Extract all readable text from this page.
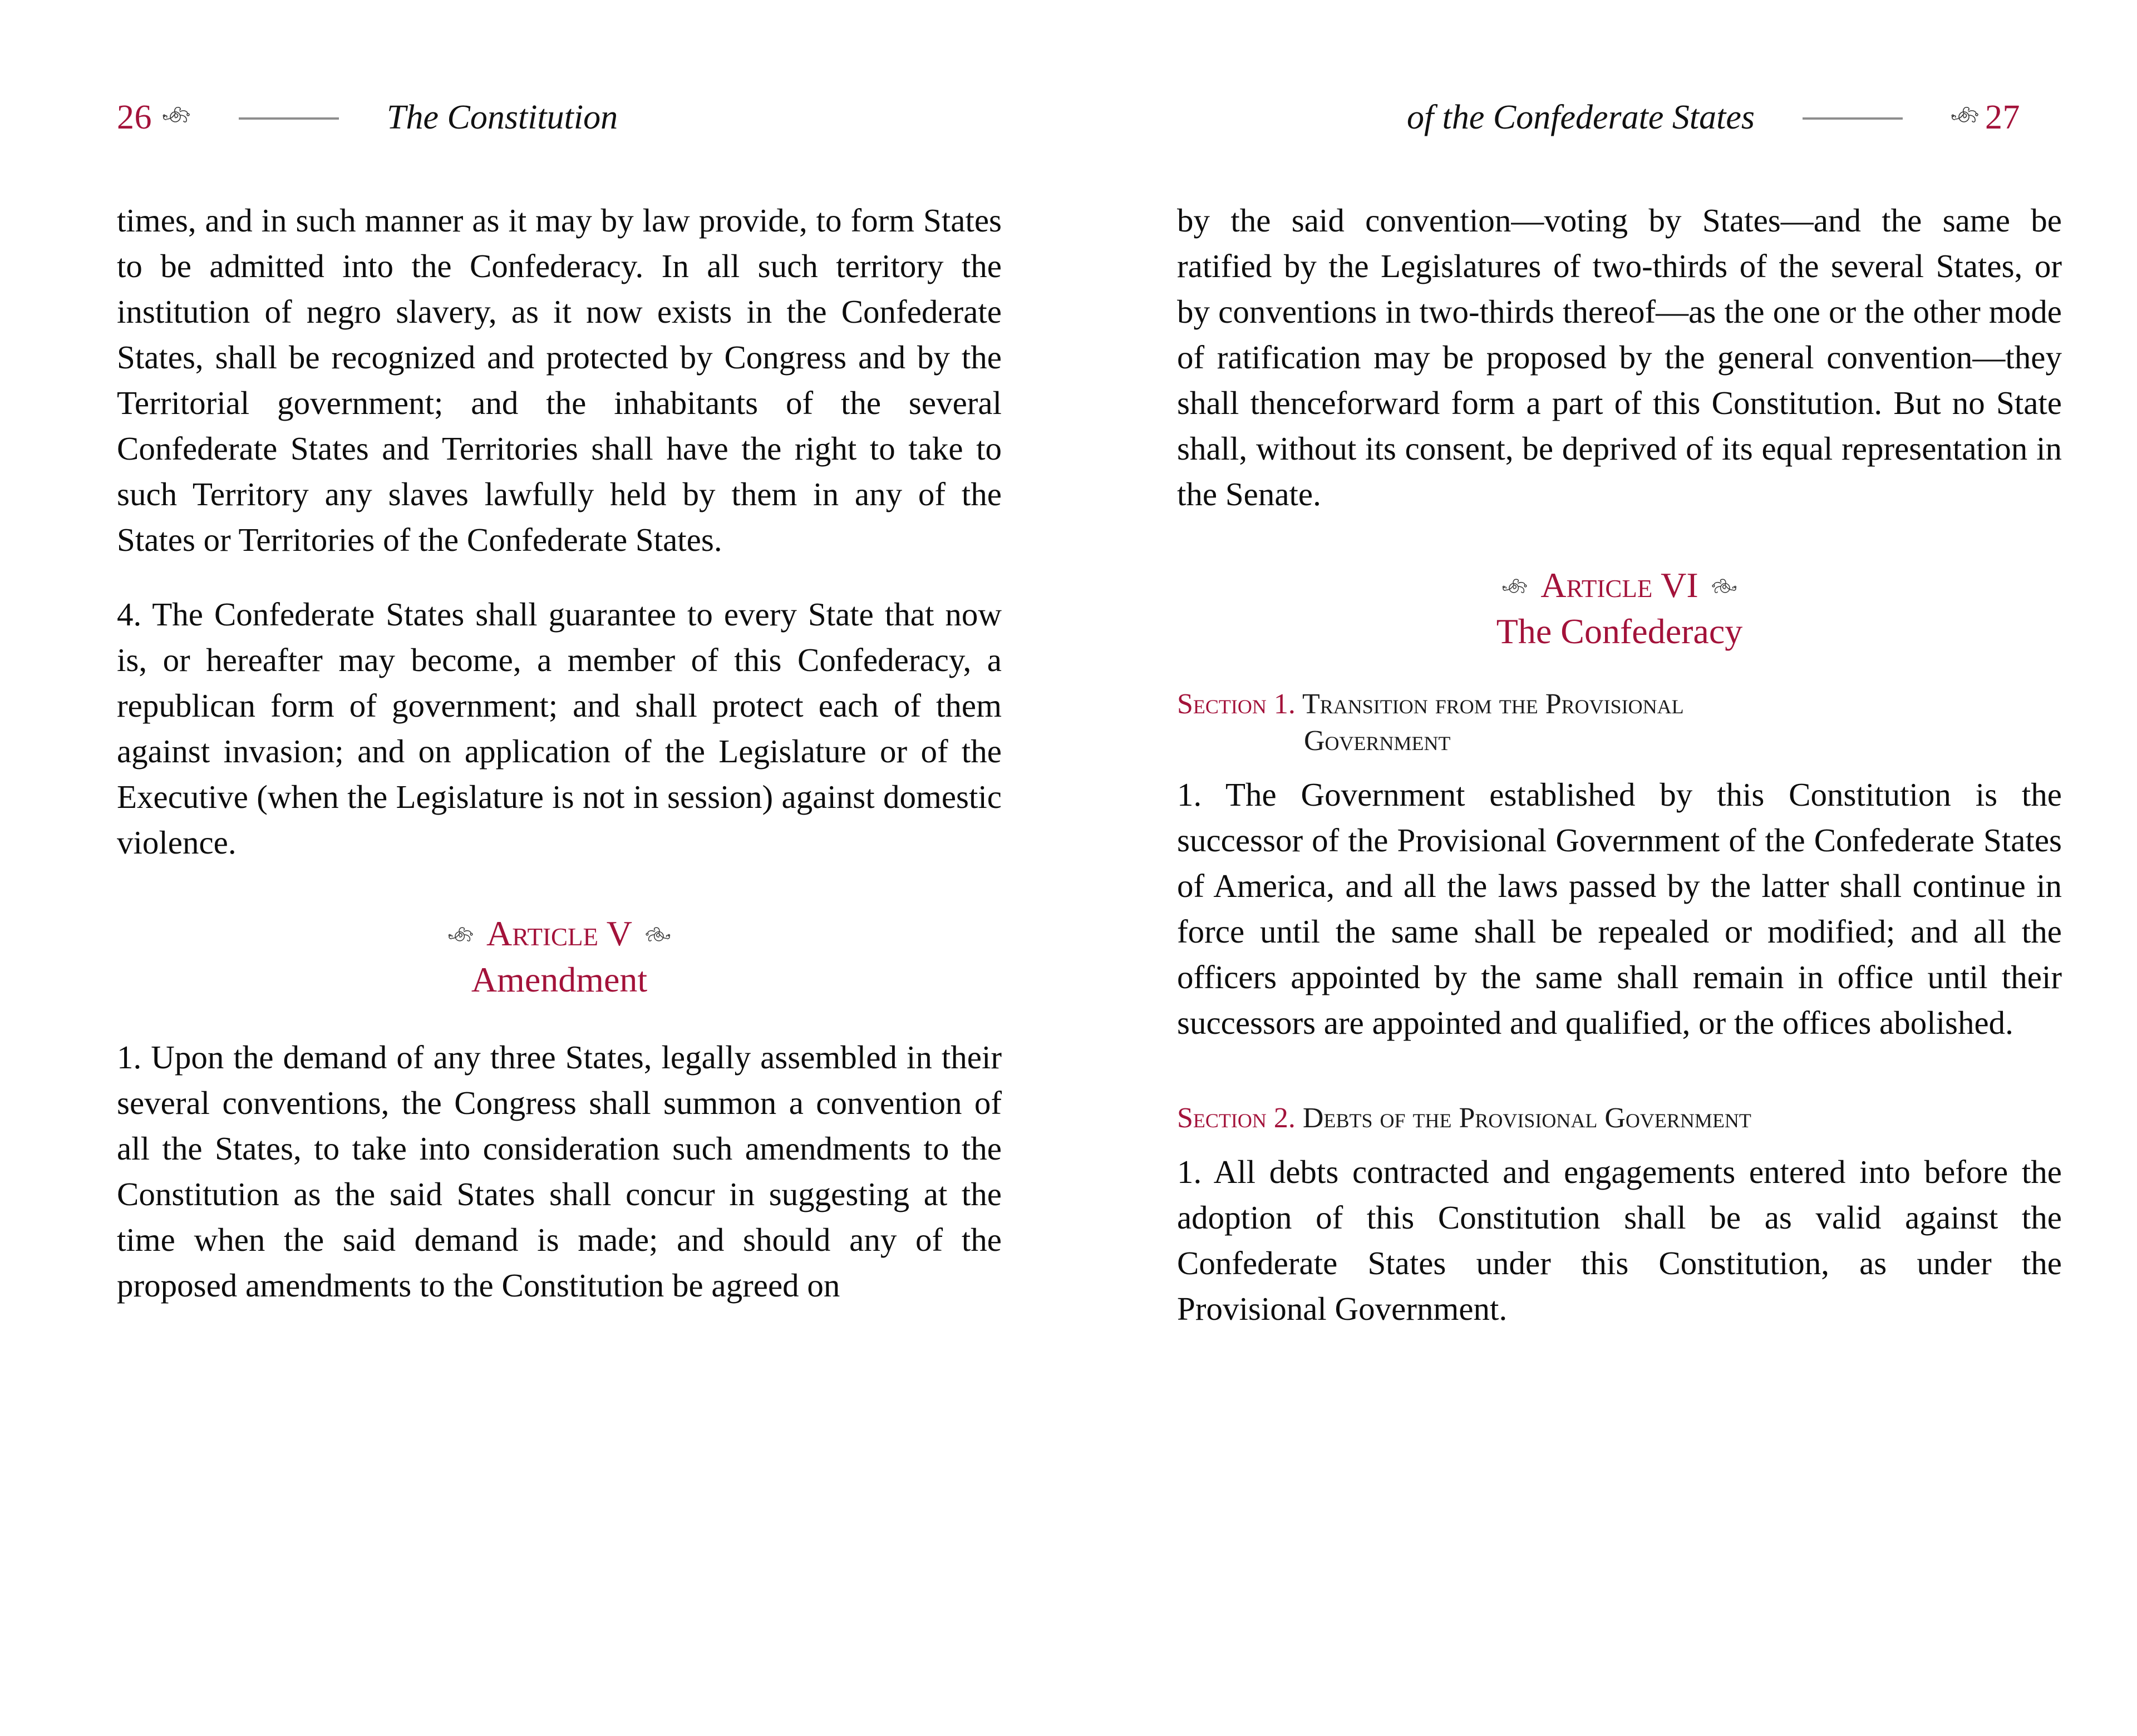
26	The Constitution	of the Confederate States	27

times, and in such manner as it may by law provide, to form States to be admitted into the Confederacy. In all such territory the institution of negro slavery, as it now exists in the Confederate States, shall be recognized and protected by Congress and by the Territorial government; and the inhabitants of the several Confederate States and Territories shall have the right to take to such Territory any slaves lawfully held by them in any of the States or Territories of the Confederate States.

4. The Confederate States shall guarantee to every State that now is, or hereafter may become, a member of this Confederacy, a republican form of government; and shall protect each of them against invasion; and on application of the Legislature or of the Executive (when the Legislature is not in session) against domestic violence.

Article V
Amendment

1. Upon the demand of any three States, legally assembled in their several conventions, the Congress shall summon a convention of all the States, to take into consideration such amendments to the Constitution as the said States shall concur in suggesting at the time when the said demand is made; and should any of the proposed amendments to the Constitution be agreed on

by the said convention—voting by States—and the same be ratified by the Legislatures of two-thirds of the several States, or by conventions in two-thirds thereof—as the one or the other mode of ratification may be proposed by the general convention—they shall thenceforward form a part of this Constitution. But no State shall, without its consent, be deprived of its equal representation in the Senate.

Article VI
The Confederacy
Section 1. Transition from the Provisional
Government

1. The Government established by this Constitution is the successor of the Provisional Government of the Confederate States of America, and all the laws passed by the latter shall continue in force until the same shall be repealed or modified; and all the officers appointed by the same shall remain in office until their successors are appointed and qualified, or the offices abolished.

Section 2. Debts of the Provisional Government

1. All debts contracted and engagements entered into before the adoption of this Constitution shall be as valid against the Confederate States under this Constitution, as under the Provisional Government.
